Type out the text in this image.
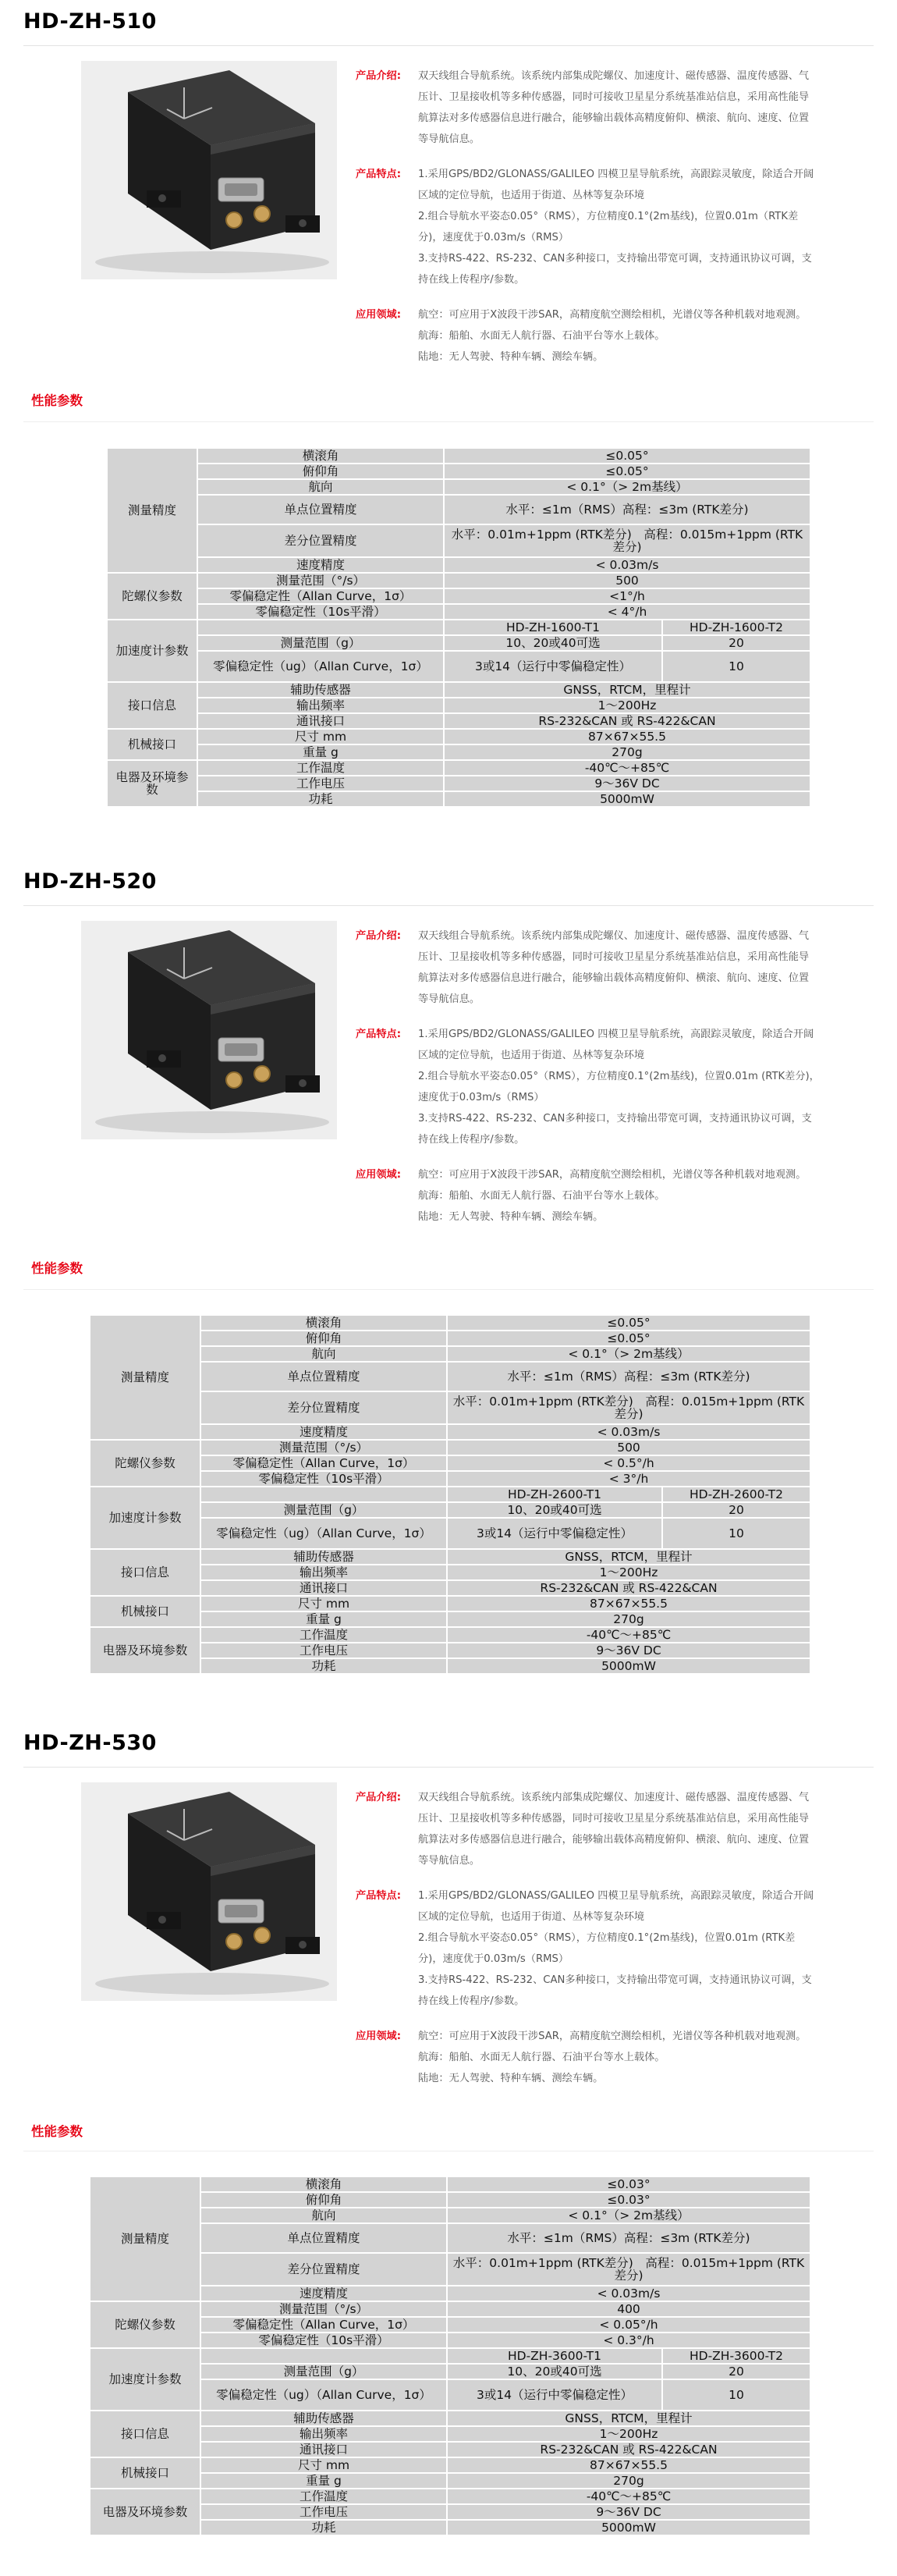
HD-ZH-510
产品介绍: 双天线组合导航系统。该系统内部集成陀螺仪、加速度计、磁传感器、温度传感器、气
压计、卫星接收机等多种传感器，同时可接收卫星星分系统基准站信息，采用高性能导
航算法对多传感器信息进行融合，能够输出载体高精度俯仰、横滚、航向、速度、位置
等导航信息。
产品特点: 1.采用GPS/BD2/GLONASS/GALILEO 四模卫星导航系统，高跟踪灵敏度，除适合开阔
区域的定位导航，也适用于街道、丛林等复杂环境
2.组合导航水平姿态0.05°（RMS），方位精度0.1°(2m基线)，位置0.01m（RTK差
分)，速度优于0.03m/s（RMS）
3.支持RS-422、RS-232、CAN多种接口，支持输出带宽可调，支持通讯协议可调，支
持在线上传程序/参数。
应用领域: 航空：可应用于X波段干涉SAR，高精度航空测绘相机，光谱仪等各种机载对地观测。
航海：船舶、水面无人航行器、石油平台等水上载体。
陆地：无人驾驶、特种车辆、测绘车辆。
性能参数
测量精度	横滚角	≤0.05°	
	俯仰角	≤0.05°	
	航向	< 0.1°（> 2m基线）	
	单点位置精度	水平：≤1m（RMS）高程：≤3m (RTK差分)	
	差分位置精度	水平：0.01m+1ppm (RTK差分)　高程：0.015m+1ppm (RTK差分)	
	速度精度	< 0.03m/s	
陀螺仪参数	测量范围（°/s）	500	
	零偏稳定性（Allan Curve，1σ）	<1°/h	
	零偏稳定性（10s平滑）	< 4°/h	
加速度计参数		HD-ZH-1600-T1	HD-ZH-1600-T2
	测量范围（g）	10、20或40可选	20
	零偏稳定性（ug）（Allan Curve，1σ）	3或14（运行中零偏稳定性）	10
接口信息	辅助传感器	GNSS，RTCM，里程计	
	输出频率	1～200Hz	
	通讯接口	RS-232&CAN 或 RS-422&CAN	
机械接口	尺寸 mm	87×67×55.5	
	重量 g	270g	
电器及环境参数	工作温度	-40℃～+85℃	
	工作电压	9～36V DC	
	功耗	5000mW	
HD-ZH-520
产品介绍: 双天线组合导航系统。该系统内部集成陀螺仪、加速度计、磁传感器、温度传感器、气
压计、卫星接收机等多种传感器，同时可接收卫星星分系统基准站信息，采用高性能导
航算法对多传感器信息进行融合，能够输出载体高精度俯仰、横滚、航向、速度、位置
等导航信息。
产品特点: 1.采用GPS/BD2/GLONASS/GALILEO 四模卫星导航系统，高跟踪灵敏度，除适合开阔
区域的定位导航，也适用于街道、丛林等复杂环境
2.组合导航水平姿态0.05°（RMS），方位精度0.1°(2m基线)，位置0.01m (RTK差分)，
速度优于0.03m/s（RMS）
3.支持RS-422、RS-232、CAN多种接口，支持输出带宽可调，支持通讯协议可调，支
持在线上传程序/参数。
应用领域: 航空：可应用于X波段干涉SAR，高精度航空测绘相机，光谱仪等各种机载对地观测。
航海：船舶、水面无人航行器、石油平台等水上载体。
陆地：无人驾驶、特种车辆、测绘车辆。
性能参数
测量精度	横滚角	≤0.05°	
	俯仰角	≤0.05°	
	航向	< 0.1°（> 2m基线）	
	单点位置精度	水平：≤1m（RMS）高程：≤3m (RTK差分)	
	差分位置精度	水平：0.01m+1ppm (RTK差分)　高程：0.015m+1ppm (RTK差分)	
	速度精度	< 0.03m/s	
陀螺仪参数	测量范围（°/s）	500	
	零偏稳定性（Allan Curve，1σ）	< 0.5°/h	
	零偏稳定性（10s平滑）	< 3°/h	
加速度计参数		HD-ZH-2600-T1	HD-ZH-2600-T2
	测量范围（g）	10、20或40可选	20
	零偏稳定性（ug）（Allan Curve，1σ）	3或14（运行中零偏稳定性）	10
接口信息	辅助传感器	GNSS，RTCM，里程计	
	输出频率	1～200Hz	
	通讯接口	RS-232&CAN 或 RS-422&CAN	
机械接口	尺寸 mm	87×67×55.5	
	重量 g	270g	
电器及环境参数	工作温度	-40℃～+85℃	
	工作电压	9～36V DC	
	功耗	5000mW	
HD-ZH-530
产品介绍: 双天线组合导航系统。该系统内部集成陀螺仪、加速度计、磁传感器、温度传感器、气
压计、卫星接收机等多种传感器，同时可接收卫星星分系统基准站信息，采用高性能导
航算法对多传感器信息进行融合，能够输出载体高精度俯仰、横滚、航向、速度、位置
等导航信息。
产品特点: 1.采用GPS/BD2/GLONASS/GALILEO 四模卫星导航系统，高跟踪灵敏度，除适合开阔
区域的定位导航，也适用于街道、丛林等复杂环境
2.组合导航水平姿态0.05°（RMS），方位精度0.1°(2m基线)，位置0.01m (RTK差
分)，速度优于0.03m/s（RMS）
3.支持RS-422、RS-232、CAN多种接口，支持输出带宽可调，支持通讯协议可调，支
持在线上传程序/参数。
应用领域: 航空：可应用于X波段干涉SAR，高精度航空测绘相机，光谱仪等各种机载对地观测。
航海：船舶、水面无人航行器、石油平台等水上载体。
陆地：无人驾驶、特种车辆、测绘车辆。
性能参数
测量精度	横滚角	≤0.03°	
	俯仰角	≤0.03°	
	航向	< 0.1°（> 2m基线）	
	单点位置精度	水平：≤1m（RMS）高程：≤3m (RTK差分)	
	差分位置精度	水平：0.01m+1ppm (RTK差分)　高程：0.015m+1ppm (RTK差分)	
	速度精度	< 0.03m/s	
陀螺仪参数	测量范围（°/s）	400	
	零偏稳定性（Allan Curve，1σ）	< 0.05°/h	
	零偏稳定性（10s平滑）	< 0.3°/h	
加速度计参数		HD-ZH-3600-T1	HD-ZH-3600-T2
	测量范围（g）	10、20或40可选	20
	零偏稳定性（ug）（Allan Curve，1σ）	3或14（运行中零偏稳定性）	10
接口信息	辅助传感器	GNSS，RTCM，里程计	
	输出频率	1～200Hz	
	通讯接口	RS-232&CAN 或 RS-422&CAN	
机械接口	尺寸 mm	87×67×55.5	
	重量 g	270g	
电器及环境参数	工作温度	-40℃～+85℃	
	工作电压	9～36V DC	
	功耗	5000mW	
